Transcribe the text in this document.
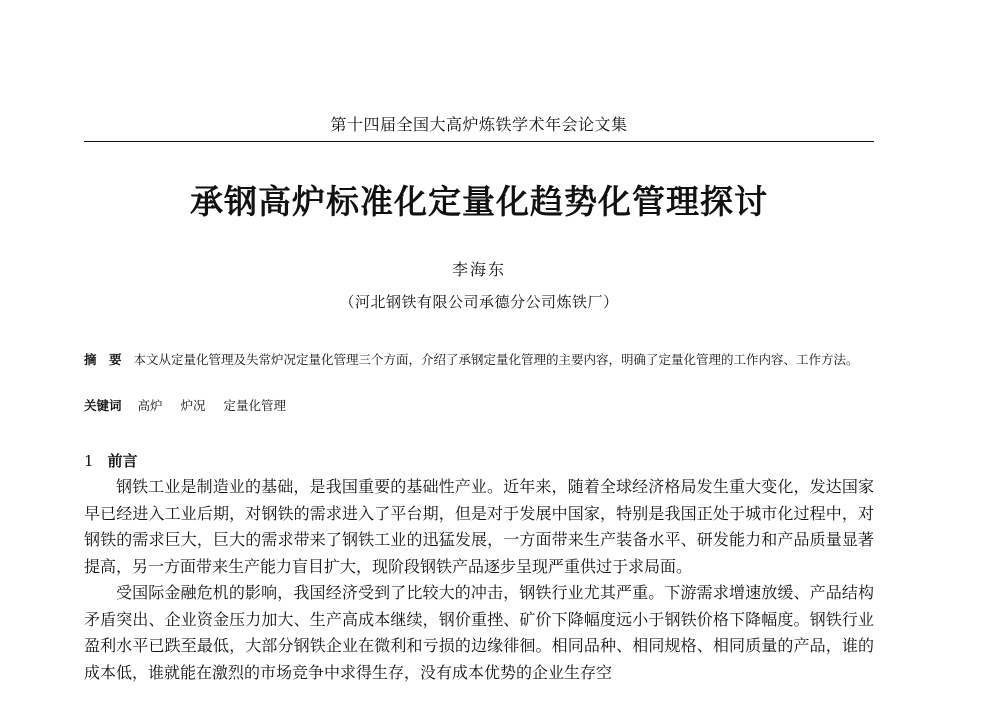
第十四届全国大高炉炼铁学术年会论文集
承钢高炉标准化定量化趋势化管理探讨
李海东
（河北钢铁有限公司承德分公司炼铁厂）
摘　要 本文从定量化管理及失常炉况定量化管理三个方面，介绍了承钢定量化管理的主要内容，明确了定量化管理的工作内容、工作方法。
关键词 高炉 炉况 定量化管理
1 前言

钢铁工业是制造业的基础，是我国重要的基础性产业。近年来，随着全球经济格局发生重大变化，发达国家早已经进入工业后期，对钢铁的需求进入了平台期，但是对于发展中国家，特别是我国正处于城市化过程中，对钢铁的需求巨大，巨大的需求带来了钢铁工业的迅猛发展，一方面带来生产装备水平、研发能力和产品质量显著提高，另一方面带来生产能力盲目扩大，现阶段钢铁产品逐步呈现严重供过于求局面。

受国际金融危机的影响，我国经济受到了比较大的冲击，钢铁行业尤其严重。下游需求增速放缓、产品结构矛盾突出、企业资金压力加大、生产高成本继续，钢价重挫、矿价下降幅度远小于钢铁价格下降幅度。钢铁行业盈利水平已跌至最低，大部分钢铁企业在微利和亏损的边缘徘徊。相同品种、相同规格、相同质量的产品，谁的成本低，谁就能在激烈的市场竞争中求得生存，没有成本优势的企业生存空
